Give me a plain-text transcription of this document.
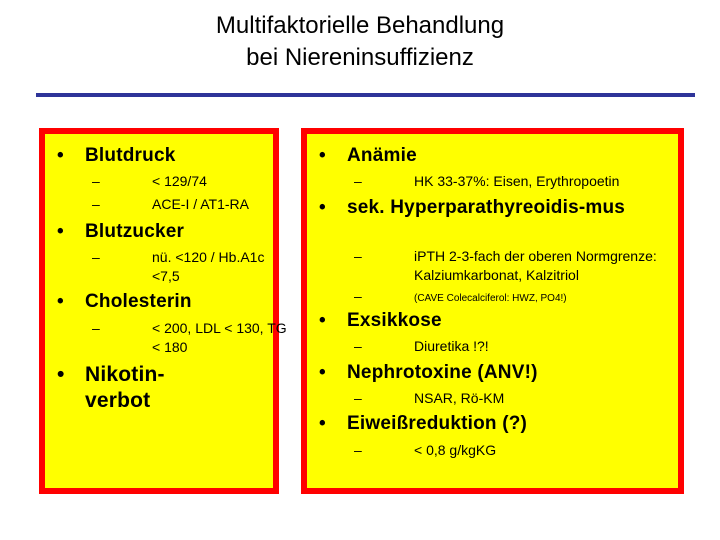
Multifaktorielle Behandlung
bei Niereninsuffizienz
• Blutdruck
–	< 129/74
–	ACE-I / AT1-RA
• Blutzucker
–	nü. <120 / Hb.A1c <7,5
• Cholesterin
–	< 200, LDL < 130, TG < 180
• Nikotin-verbot
• Anämie
–	HK 33-37%: Eisen, Erythropoetin
• sek. Hyperparathyreoidis-mus
–	iPTH 2-3-fach der oberen Normgrenze: Kalziumkarbonat, Kalzitriol
–	(CAVE Colecalciferol: HWZ, PO4!)
• Exsikkose
–	Diuretika !?!
• Nephrotoxine (ANV!)
–	NSAR, Rö-KM
• Eiweißreduktion (?)
–	< 0,8 g/kgKG
